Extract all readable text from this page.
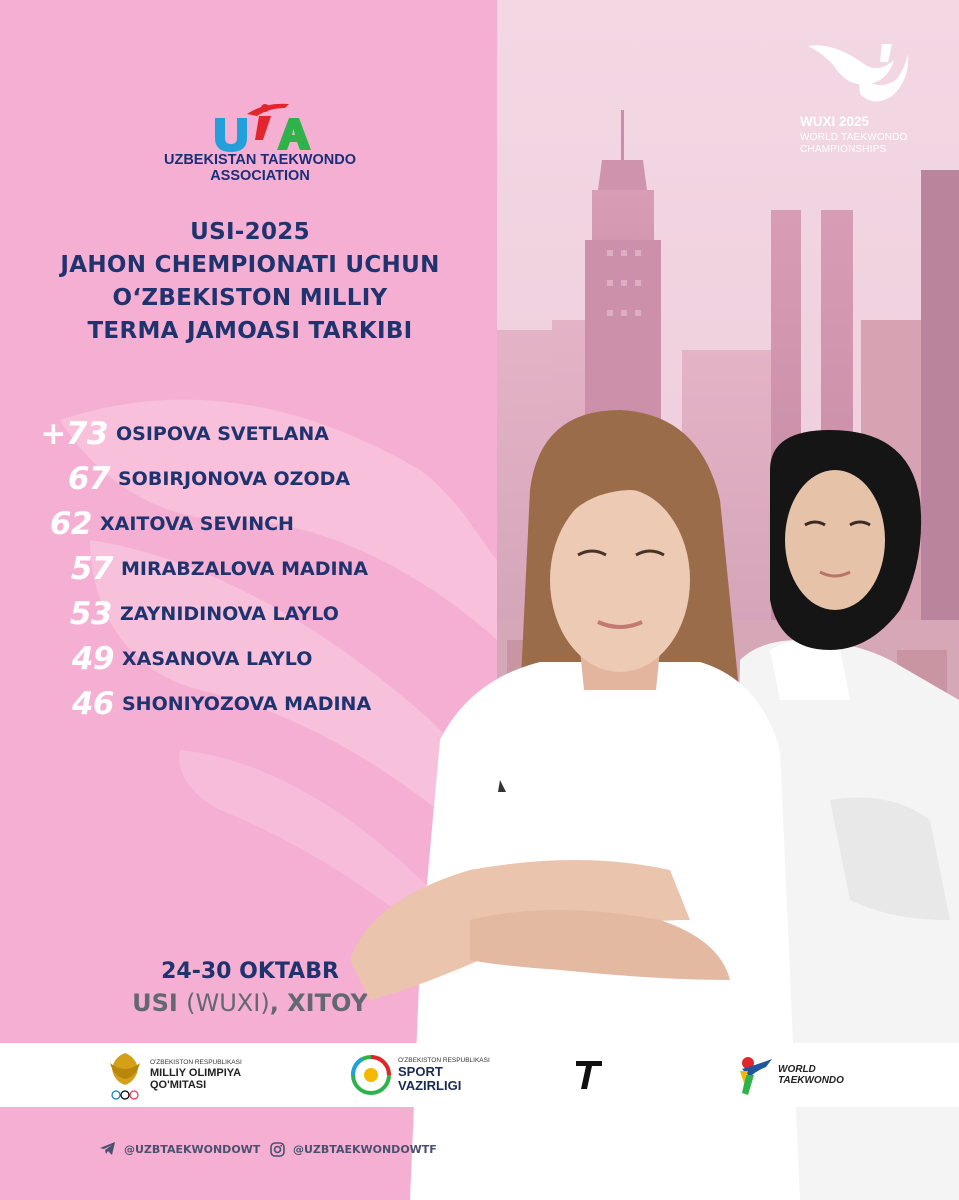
UZBEKISTAN TAEKWONDO
ASSOCIATION
USI-2025
JAHON CHEMPIONATI UCHUN
O‘ZBEKISTON MILLIY
TERMA JAMOASI TARKIBI
+73 OSIPOVA SVETLANA
67 SOBIRJONOVA OZODA
62 XAITOVA SEVINCH
57 MIRABZALOVA MADINA
53 ZAYNIDINOVA LAYLO
49 XASANOVA LAYLO
46 SHONIYOZOVA MADINA
24-30 OKTABR
USI (WUXI), XITOY
WUXI 2025
WORLD TAEKWONDO
CHAMPIONSHIPS
O'ZBEKISTON RESPUBLIKASI
MILLIY OLIMPIYA
QO'MITASI
O'ZBEKISTON RESPUBLIKASI
SPORT
VAZIRLIGI
WORLD
TAEKWONDO
@UZBTAEKWONDOWT	@UZBTAEKWONDOWTF
